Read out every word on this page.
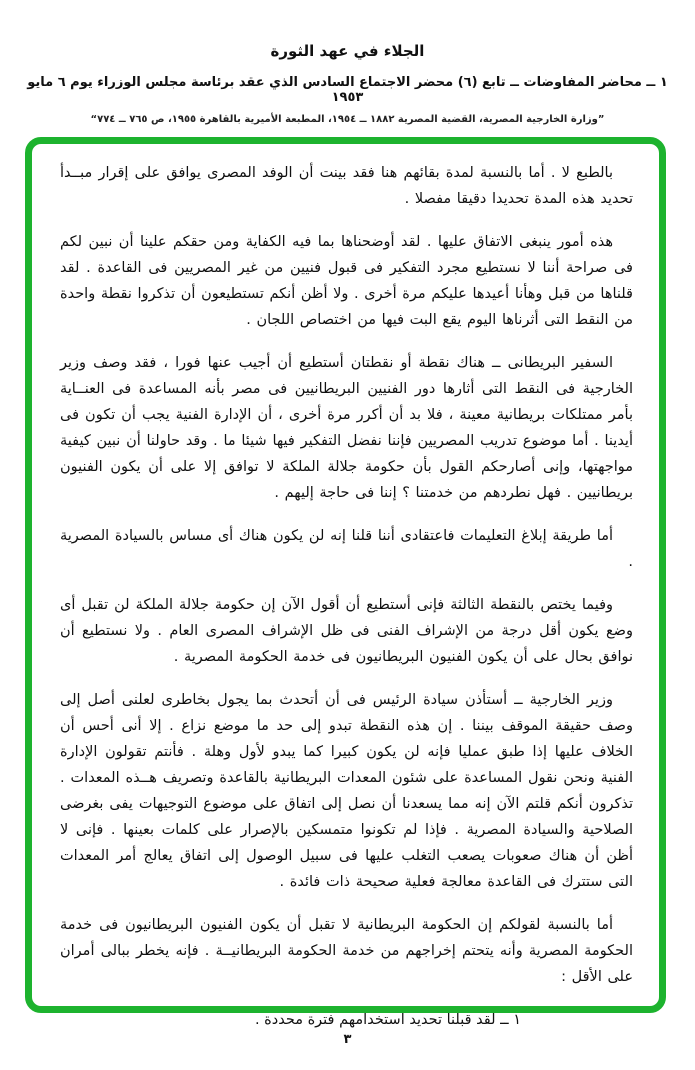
الجلاء في عهد الثورة
١ ــ محاضر المفاوضات ــ تابع (٦) محضر الاجتماع السادس الذي عقد برئاسة مجلس الوزراء يوم ٦ مايو ١٩٥٣
”وزارة الخارجية المصرية، القضية المصرية ١٨٨٢ ــ ١٩٥٤، المطبعة الأميرية بالقاهرة ١٩٥٥، ص ٧٦٥ ــ ٧٧٤“

بالطبع لا . أما بالنسبة لمدة بقائهم هنا فقد بينت أن الوفد المصرى يوافق على إقرار مبــدأ تحديد هذه المدة تحديدا دقيقا مفصلا .

هذه أمور ينبغى الاتفاق عليها . لقد أوضحناها بما فيه الكفاية ومن حقكم علينا أن نبين لكم فى صراحة أننا لا نستطيع مجرد التفكير فى قبول فنيين من غير المصريين فى القاعدة . لقد قلناها من قبل وهأنا أعيدها عليكم مرة أخرى . ولا أظن أنكم تستطيعون أن تذكروا نقطة واحدة من النقط التى أثرناها اليوم يقع البت فيها من اختصاص اللجان .

السفير البريطانى ــ هناك نقطة أو نقطتان أستطيع أن أجيب عنها فورا ، فقد وصف وزير الخارجية فى النقط التى أثارها دور الفنيين البريطانيين فى مصر بأنه المساعدة فى العنــاية بأمر ممتلكات بريطانية معينة ، فلا بد أن أكرر مرة أخرى ، أن الإدارة الفنية يجب أن تكون فى أيدينا . أما موضوع تدريب المصريين فإننا نفضل التفكير فيها شيئا ما . وقد حاولنا أن نبين كيفية مواجهتها، وإنى أصارحكم القول بأن حكومة جلالة الملكة لا توافق إلا على أن يكون الفنيون بريطانيين . فهل نطردهم من خدمتنا ؟ إننا فى حاجة إليهم .

أما طريقة إبلاغ التعليمات فاعتقادى أننا قلنا إنه لن يكون هناك أى مساس بالسيادة المصرية .

وفيما يختص بالنقطة الثالثة فإنى أستطيع أن أقول الآن إن حكومة جلالة الملكة لن تقبل أى وضع يكون أقل درجة من الإشراف الفنى فى ظل الإشراف المصرى العام . ولا نستطيع أن نوافق بحال على أن يكون الفنيون البريطانيون فى خدمة الحكومة المصرية .

وزير الخارجية ــ أستأذن سيادة الرئيس فى أن أتحدث بما يجول بخاطرى لعلنى أصل إلى وصف حقيقة الموقف بيننا . إن هذه النقطة تبدو إلى حد ما موضع نزاع . إلا أنى أحس أن الخلاف عليها إذا طبق عمليا فإنه لن يكون كبيرا كما يبدو لأول وهلة . فأنتم تقولون الإدارة الفنية ونحن نقول المساعدة على شئون المعدات البريطانية بالقاعدة وتصريف هــذه المعدات . تذكرون أنكم قلتم الآن إنه مما يسعدنا أن نصل إلى اتفاق على موضوع التوجيهات يفى بغرضى الصلاحية والسيادة المصرية . فإذا لم تكونوا متمسكين بالإصرار على كلمات بعينها . فإنى لا أظن أن هناك صعوبات يصعب التغلب عليها فى سبيل الوصول إلى اتفاق يعالج أمر المعدات التى ستترك فى القاعدة معالجة فعلية صحيحة ذات فائدة .

أما بالنسبة لقولكم إن الحكومة البريطانية لا تقبل أن يكون الفنيون البريطانيون فى خدمة الحكومة المصرية وأنه يتحتم إخراجهم من خدمة الحكومة البريطانيــة . فإنه يخطر ببالى أمران على الأقل :

١ ــ لقد قبلنا تحديد استخدامهم فترة محددة .
٣
